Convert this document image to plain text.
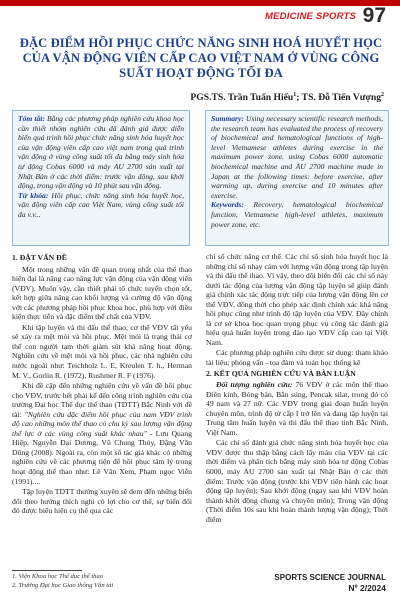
MEDICINE SPORTS 97
ĐẶC ĐIỂM HỒI PHỤC CHỨC NĂNG SINH HOÁ HUYẾT HỌC CỦA VẬN ĐỘNG VIÊN CẤP CAO VIỆT NAM Ở VÙNG CÔNG SUẤT HOẠT ĐỘNG TỐI ĐA
PGS.TS. Trần Tuấn Hiếu$^1$; TS. Đỗ Tiến Vượng$^2$
Tóm tắt: Bằng các phương pháp nghiên cứu khoa học cần thiết nhóm nghiên cứu đã đánh giá được diễn biến quá trình hồi phục chức năng sinh hóa huyết học của vận động viên cấp cao việt nam trong quá trình vận động ở vùng công suất tối đa bằng máy sinh hóa tự động Cobas 6000 và máy AU 2700 sản xuất tại Nhật Bản ở các thời điểm: trước vận động, sau khởi động, trong vận động và 10 phút sau vận động.
Từ khóa: Hồi phục, chức năng sinh hóa huyết học, vận động viên cấp cao Việt Nam, vùng công suất tối đa v.v...
Summary: Using necessary scientific research methods, the research team has evaluated the process of recovery of biochemical and hematological functions of high-level Vietnamese athletes during exercise in the maximum power zone. using Cobas 6000 automatic biochemical machine and AU 2700 machine made in Japan at the following times: before exercise, after warming up, during exercise and 10 minutes after exercise.
Keywords: Recovery, hematological biochemical function, Vietnamese high-level athletes, maximum power zone, etc.

1. ĐẶT VẤN ĐỀ

Một trong những vấn đề quan trọng nhất của thể thao hiện đại là nâng cao năng lực vận động của vận động viên (VĐV). Muốn vậy, cần thiết phải tổ chức tuyển chọn tốt, kết hợp giữa nâng cao khối lượng và cường độ vận động với các phương pháp hồi phục khoa học, phù hợp với điều kiện thực tiễn và đặc điểm thể chất của VĐV.

Khi tập luyện và thi đấu thể thao, cơ thể VĐV tất yếu sẽ xảy ra mệt mỏi và hồi phục. Mệt mỏi là trạng thái cơ thể con người tạm thời giảm sút khả năng hoạt động. Nghiên cứu về mệt mỏi và hồi phục, các nhà nghiên cứu nước ngoài như: Teichholz L. E, Kreulen T. h., Herman M. V., Gorlin R. (1972), Rushmer R. F (1976).

Khi đề cập đến những nghiên cứu về vấn đề hồi phục cho VĐV, trước hết phải kể đến công trình nghiên cứu của trường Đại học Thể dục thể thao (TDTT) Bắc Ninh với đề tài: "Nghiên cứu đặc điểm hồi phục của nam VĐV trình độ cao những môn thể thao có chu kỳ sau lượng vận động thể lực ở các vùng công suất khác nhau" - Lưu Quang Hiệp, Nguyễn Đại Dương, Vũ Chung Thủy, Đặng Văn Dũng (2008). Ngoài ra, còn một số tác giả khác có những nghiên cứu về các phương tiện để hồi phục tâm lý trong hoạt động thể thao như: Lê Văn Xem, Phạm ngọc Viễn (1991)....

Tập luyện TDTT thường xuyên sẽ đem đến những biến đổi theo hướng thích nghi có lợi cho cơ thể, sự biến đổi đó được biểu hiện cụ thể qua các

chỉ số chức năng cơ thể. Các chỉ số sinh hóa huyết học là những chỉ số nhạy cảm với lượng vận động trong tập luyện và thi đấu thể thao. Vì vậy, theo dõi biến đổi các chỉ số này dưới tác động của lượng vận động tập luyện sẽ giúp đánh giá chính xác tác động trực tiếp của lượng vận động lên cơ thể VĐV, đồng thời cho phép xác định chính xác khả năng hồi phục cũng như trình độ tập luyện của VĐV. Đây chính là cơ sở khoa học quan trọng phục vụ công tác đánh giá hiệu quả huấn luyện trong đào tạo VĐV cấp cao tại Việt Nam.

Các phương pháp nghiên cứu được sử dụng: tham khảo tài liệu; phỏng vấn - tọa đàm và toán học thống kê

2. KẾT QUẢ NGHIÊN CỨU VÀ BÀN LUẬN

Đối tượng nghiên cứu: 76 VĐV ở các môn thể thao Điền kinh, Bóng bàn, Bắn súng, Pencak silat, trong đó có 49 nam và 27 nữ. Các VĐV trong giai đoạn huấn luyện chuyên môn, trình độ từ cấp I trở lên và đang tập luyện tại Trung tâm huấn luyện và thi đấu thể thao tỉnh Bắc Ninh, Việt Nam.

Các chỉ số đánh giá chức năng sinh hóa huyết học của VĐV được thu thập bằng cách lấy máu của VĐV tại các thời điểm và phân tích bằng máy sinh hóa tự động Cobas 6000, máy AU 2700 sản xuất tại Nhật Bản ở các thời điểm: Trước vận động (trước khi VĐV tiến hành các hoạt động tập luyện); Sau khởi động (ngay sau khi VĐV hoàn thành khởi động chung và chuyên môn); Trong vận động (Thời điểm 10s sau khi hoàn thành lượng vận động); Thời điểm

1. Viện Khoa học Thể dục thể thao
2. Trường Đại học Giao thông Vận tải
SPORTS SCIENCE JOURNAL
Nº 2/2024
